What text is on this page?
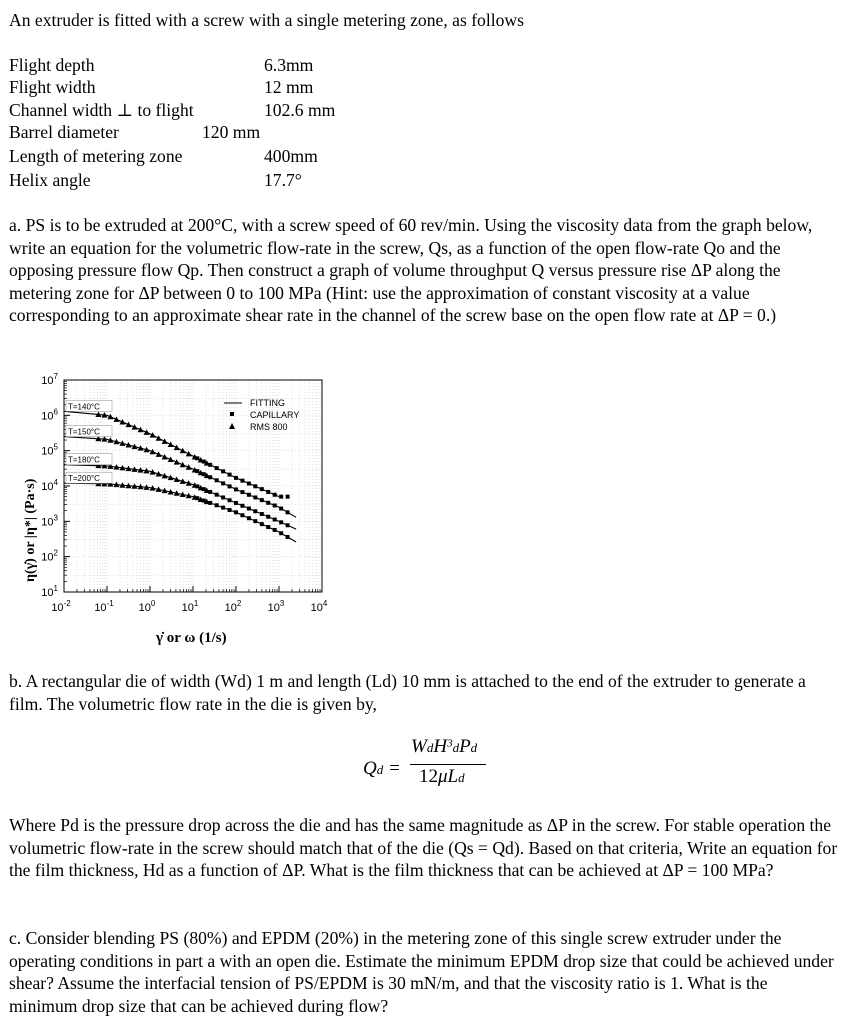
An extruder is fitted with a screw with a single metering zone, as follows
Flight depth	6.3mm
Flight width	12 mm
Channel width ⊥ to flight	102.6 mm
Barrel diameter	120 mm
Length of metering zone	400mm
Helix angle	17.7°
a. PS is to be extruded at 200°C, with a screw speed of 60 rev/min. Using the viscosity data from the graph below, write an equation for the volumetric flow-rate in the screw, Qs, as a function of the open flow-rate Qo and the opposing pressure flow Qp. Then construct a graph of volume throughput Q versus pressure rise ΔP along the metering zone for ΔP between 0 to 100 MPa (Hint: use the approximation of constant viscosity at a value corresponding to an approximate shear rate in the channel of the screw base on the open flow rate at ΔP = 0.)
$10^{-2}$ $10^{-1}$ $10^0$ $10^1$ $10^2$ $10^3$ $10^4$
$10^1$
$10^2$
$10^3$
$10^4$
$10^5$
$10^6$
$10^7$
T=140°C
T=150°C
T=180°C
T=200°C
FITTING
CAPILLARY
RMS 800
η(γ̇) or |η*| (Pa·s)
γ̇ or ω (1/s)
b. A rectangular die of width (Wd) 1 m and length (Ld) 10 mm is attached to the end of the extruder to generate a film. The volumetric flow rate in the die is given by,
Qd =
WdH$^3$dPd
12μLd
Where Pd is the pressure drop across the die and has the same magnitude as ΔP in the screw. For stable operation the volumetric flow-rate in the screw should match that of the die (Qs = Qd). Based on that criteria, Write an equation for the film thickness, Hd as a function of ΔP. What is the film thickness that can be achieved at ΔP = 100 MPa?
c. Consider blending PS (80%) and EPDM (20%) in the metering zone of this single screw extruder under the operating conditions in part a with an open die. Estimate the minimum EPDM drop size that could be achieved under shear? Assume the interfacial tension of PS/EPDM is 30 mN/m, and that the viscosity ratio is 1. What is the minimum drop size that can be achieved during flow?
